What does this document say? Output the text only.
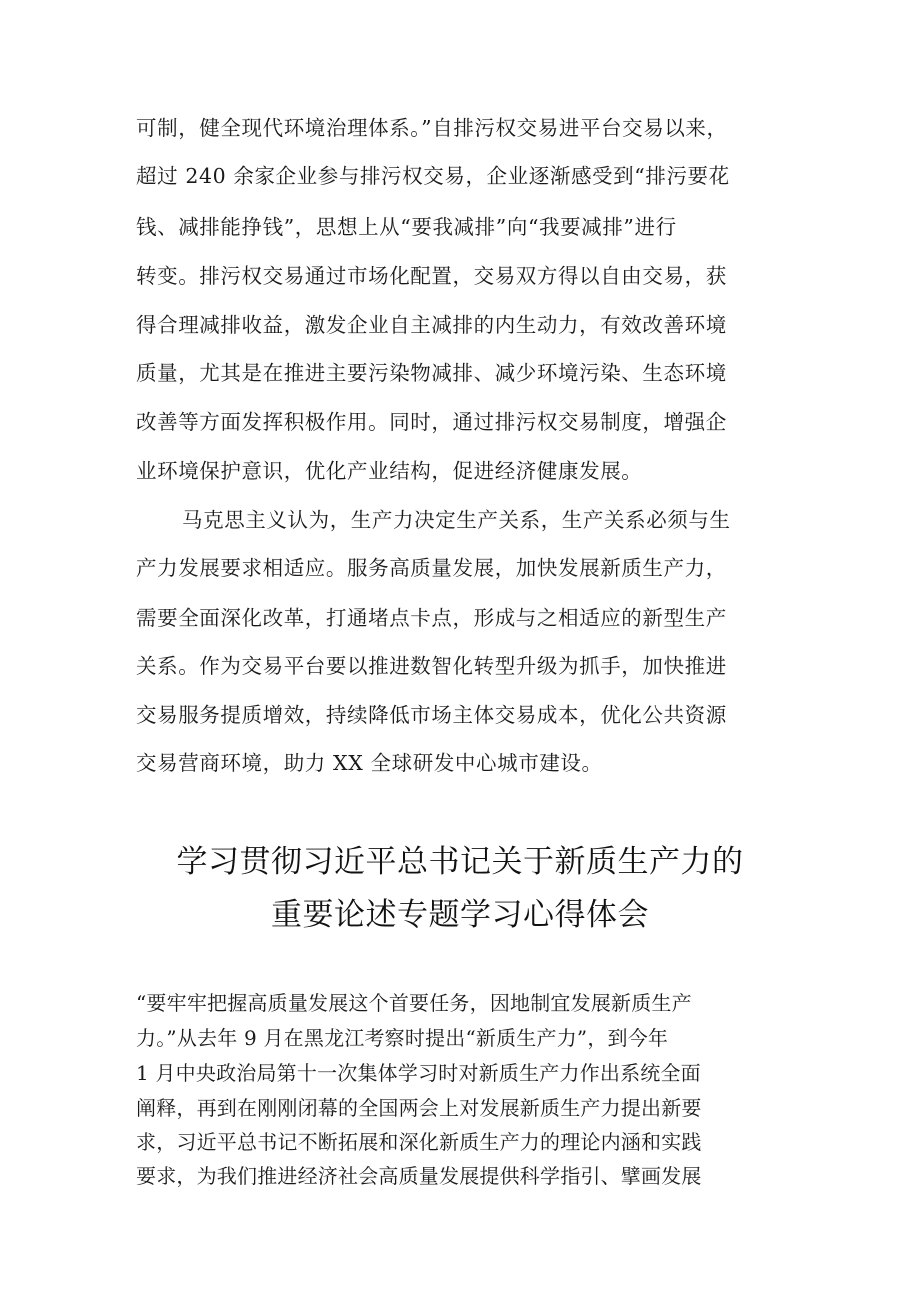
可制，健全现代环境治理体系。”自排污权交易进平台交易以来，

超过 240 余家企业参与排污权交易，企业逐渐感受到“排污要花

钱、减排能挣钱”，思想上从“要我减排”向“我要减排”进行

转变。排污权交易通过市场化配置，交易双方得以自由交易，获

得合理减排收益，激发企业自主减排的内生动力，有效改善环境

质量，尤其是在推进主要污染物减排、减少环境污染、生态环境

改善等方面发挥积极作用。同时，通过排污权交易制度，增强企

业环境保护意识，优化产业结构，促进经济健康发展。

马克思主义认为，生产力决定生产关系，生产关系必须与生

产力发展要求相适应。服务高质量发展，加快发展新质生产力，

需要全面深化改革，打通堵点卡点，形成与之相适应的新型生产

关系。作为交易平台要以推进数智化转型升级为抓手，加快推进

交易服务提质增效，持续降低市场主体交易成本，优化公共资源

交易营商环境，助力 XX 全球研发中心城市建设。

学习贯彻习近平总书记关于新质生产力的
重要论述专题学习心得体会

“要牢牢把握高质量发展这个首要任务，因地制宜发展新质生产

力。”从去年 9 月在黑龙江考察时提出“新质生产力”，到今年

1 月中央政治局第十一次集体学习时对新质生产力作出系统全面

阐释，再到在刚刚闭幕的全国两会上对发展新质生产力提出新要

求，习近平总书记不断拓展和深化新质生产力的理论内涵和实践

要求，为我们推进经济社会高质量发展提供科学指引、擘画发展
